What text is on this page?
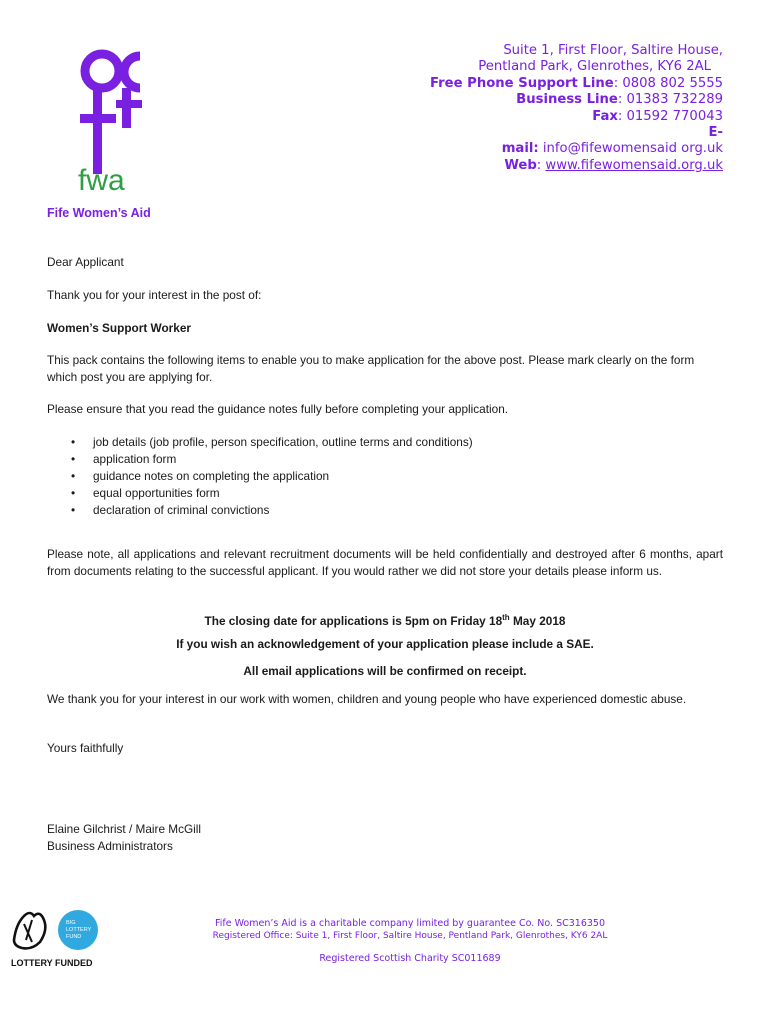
fwa
Suite 1, First Floor, Saltire House,
Pentland Park, Glenrothes, KY6 2AL
Free Phone Support Line: 0808 802 5555
Business Line: 01383 732289
Fax: 01592 770043
E-
mail: info@fifewomensaid org.uk
Web: www.fifewomensaid.org.uk
Fife Women’s Aid
Dear Applicant
Thank you for your interest in the post of:
Women’s Support Worker
This pack contains the following items to enable you to make application for the above post. Please mark clearly on the form which post you are applying for.
Please ensure that you read the guidance notes fully before completing your application.
• job details (job profile, person specification, outline terms and conditions)
• application form
• guidance notes on completing the application
• equal opportunities form
• declaration of criminal convictions
Please note, all applications and relevant recruitment documents will be held confidentially and destroyed after 6 months, apart from documents relating to the successful applicant. If you would rather we did not store your details please inform us.
The closing date for applications is 5pm on Friday 18th May 2018
If you wish an acknowledgement of your application please include a SAE.
All email applications will be confirmed on receipt.
We thank you for your interest in our work with women, children and young people who have experienced domestic abuse.
Yours faithfully
Elaine Gilchrist / Maire McGill
Business Administrators
BIG
LOTTERY
FUND
LOTTERY FUNDED
Fife Women’s Aid is a charitable company limited by guarantee Co. No. SC316350
Registered Office: Suite 1, First Floor, Saltire House, Pentland Park, Glenrothes, KY6 2AL
Registered Scottish Charity SC011689
